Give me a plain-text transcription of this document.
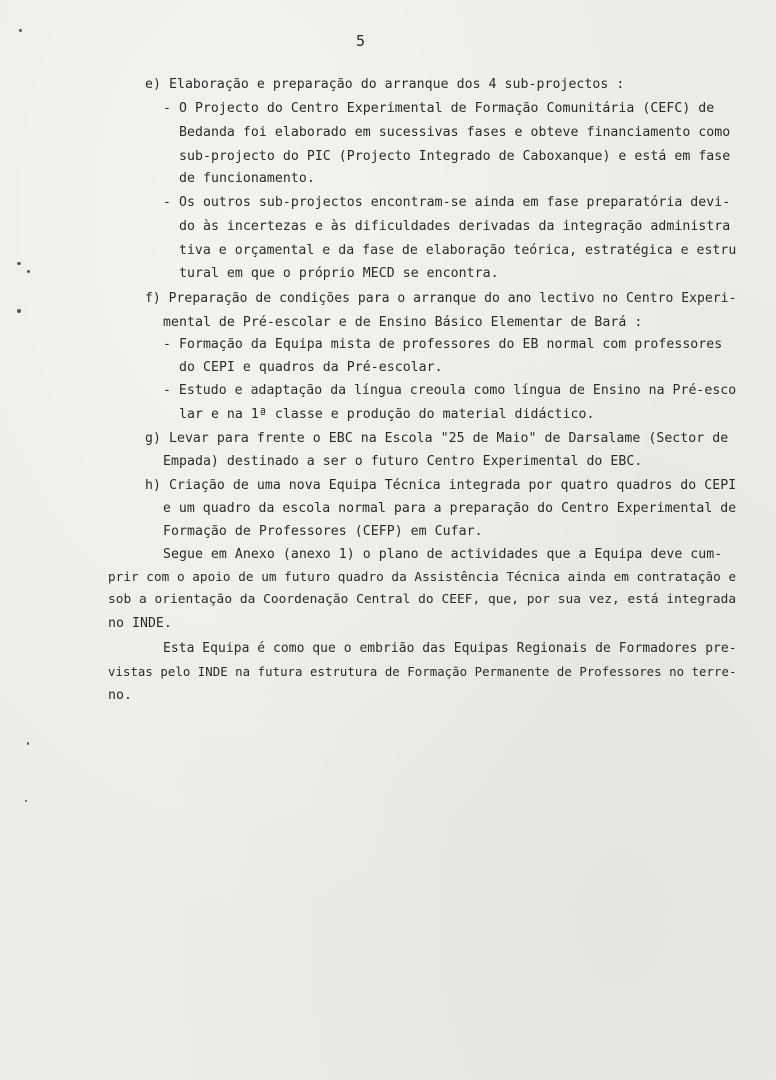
5
e) Elaboração e preparação do arranque dos 4 sub-projectos :
- O Projecto do Centro Experimental de Formação Comunitária (CEFC) de
Bedanda foi elaborado em sucessivas fases e obteve financiamento como
sub-projecto do PIC (Projecto Integrado de Caboxanque) e está em fase
de funcionamento.
- Os outros sub-projectos encontram-se ainda em fase preparatória devi-
do às incertezas e às dificuldades derivadas da integração administra
tiva e orçamental e da fase de elaboração teórica, estratégica e estru
tural em que o próprio MECD se encontra.
f) Preparação de condições para o arranque do ano lectivo no Centro Experi-
mental de Pré-escolar e de Ensino Básico Elementar de Bará :
- Formação da Equipa mista de professores do EB normal com professores
do CEPI e quadros da Pré-escolar.
- Estudo e adaptação da língua creoula como língua de Ensino na Pré-esco
lar e na 1ª classe e produção do material didáctico.
g) Levar para frente o EBC na Escola "25 de Maio" de Darsalame (Sector de
Empada) destinado a ser o futuro Centro Experimental do EBC.
h) Criação de uma nova Equipa Técnica integrada por quatro quadros do CEPI
e um quadro da escola normal para a preparação do Centro Experimental de
Formação de Professores (CEFP) em Cufar.
Segue em Anexo (anexo 1) o plano de actividades que a Equipa deve cum-
prir com o apoio de um futuro quadro da Assistência Técnica ainda em contratação e
sob a orientação da Coordenação Central do CEEF, que, por sua vez, está integrada
no INDE.
Esta Equipa é como que o embrião das Equipas Regionais de Formadores pre-
vistas pelo INDE na futura estrutura de Formação Permanente de Professores no terre-
no.
